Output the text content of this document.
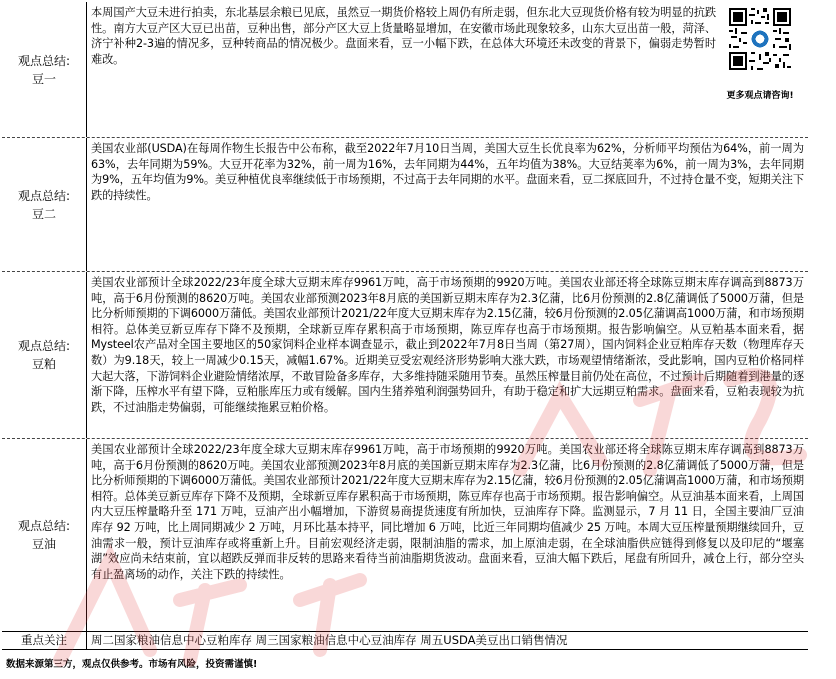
观点总结:
豆一
本周国产大豆未进行拍卖，东北基层余粮已见底，虽然豆一期货价格较上周仍有所走弱，但东北大豆现货价格有较为明显的抗跌性。南方大豆产区大豆已出苗，豆种出售，部分产区大豆上货量略显增加，在安徽市场此现象较多，山东大豆出苗一般，菏泽、济宁补种2-3遍的情况多，豆种转商品的情况极少。盘面来看，豆一小幅下跌，在总体大环境还未改变的背景下，偏弱走势暂时难改。
更多观点请咨询!
观点总结:
豆二
美国农业部(USDA)在每周作物生长报告中公布称，截至2022年7月10日当周，美国大豆生长优良率为62%，分析师平均预估为64%，前一周为63%，去年同期为59%。大豆开花率为32%，前一周为16%，去年同期为44%，五年均值为38%。大豆结荚率为6%，前一周为3%，去年同期为9%，五年均值为9%。美豆种植优良率继续低于市场预期，不过高于去年同期的水平。盘面来看，豆二探底回升，不过持仓量不变，短期关注下跌的持续性。
观点总结:
豆粕
美国农业部预计全球2022/23年度全球大豆期末库存9961万吨，高于市场预期的9920万吨。美国农业部还将全球陈豆期末库存调高到8873万吨，高于6月份预测的8620万吨。美国农业部预测2023年8月底的美国新豆期末库存为2.3亿蒲，比6月份预测的2.8亿蒲调低了5000万蒲，但是比分析师预期的下调6000万蒲低。美国农业部预计2021/22年度大豆期末库存为2.15亿蒲，较6月份预测的2.05亿蒲调高1000万蒲，和市场预期相符。总体美豆新豆库存下降不及预期，全球新豆库存累积高于市场预期，陈豆库存也高于市场预期。报告影响偏空。从豆粕基本面来看，据Mysteel农产品对全国主要地区的50家饲料企业样本调查显示，截止到2022年7月8日当周（第27周），国内饲料企业豆粕库存天数（物理库存天数）为9.18天，较上一周减少0.15天，减幅1.67%。近期美豆受宏观经济形势影响大涨大跌，市场观望情绪渐浓，受此影响，国内豆粕价格同样大起大落，下游饲料企业避险情绪浓厚，不敢冒险备多库存，大多维持随采随用节奏。虽然压榨量目前仍处在高位，不过预计后期随着到港量的逐渐下降，压榨水平有望下降，豆粕胀库压力或有缓解。国内生猪养殖利润强势回升，有助于稳定和扩大远期豆粕需求。盘面来看，豆粕表现较为抗跌，不过油脂走势偏弱，可能继续拖累豆粕价格。
观点总结:
豆油
美国农业部预计全球2022/23年度全球大豆期末库存9961万吨，高于市场预期的9920万吨。美国农业部还将全球陈豆期末库存调高到8873万吨，高于6月份预测的8620万吨。美国农业部预测2023年8月底的美国新豆期末库存为2.3亿蒲，比6月份预测的2.8亿蒲调低了5000万蒲，但是比分析师预期的下调6000万蒲低。美国农业部预计2021/22年度大豆期末库存为2.15亿蒲，较6月份预测的2.05亿蒲调高1000万蒲，和市场预期相符。总体美豆新豆库存下降不及预期，全球新豆库存累积高于市场预期，陈豆库存也高于市场预期。报告影响偏空。从豆油基本面来看，上周国内大豆压榨量略升至 171 万吨，豆油产出小幅增加，下游贸易商提货速度有所加快，豆油库存下降。监测显示，7 月 11 日，全国主要油厂豆油库存 92 万吨，比上周同期减少 2 万吨，月环比基本持平，同比增加 6 万吨，比近三年同期均值减少 25 万吨。本周大豆压榨量预期继续回升，豆油需求一般，预计豆油库存或将重新上升。目前宏观经济走弱，限制油脂的需求，加上原油走弱，在全球油脂供应链得到修复以及印尼的“堰塞湖”效应尚未结束前，宜以超跌反弹而非反转的思路来看待当前油脂期货波动。盘面来看，豆油大幅下跌后，尾盘有所回升，减仓上行，部分空头有止盈离场的动作，关注下跌的持续性。
重点关注	周二国家粮油信息中心豆粕库存 周三国家粮油信息中心豆油库存 周五USDA美豆出口销售情况
数据来源第三方，观点仅供参考。市场有风险，投资需谨慎!
